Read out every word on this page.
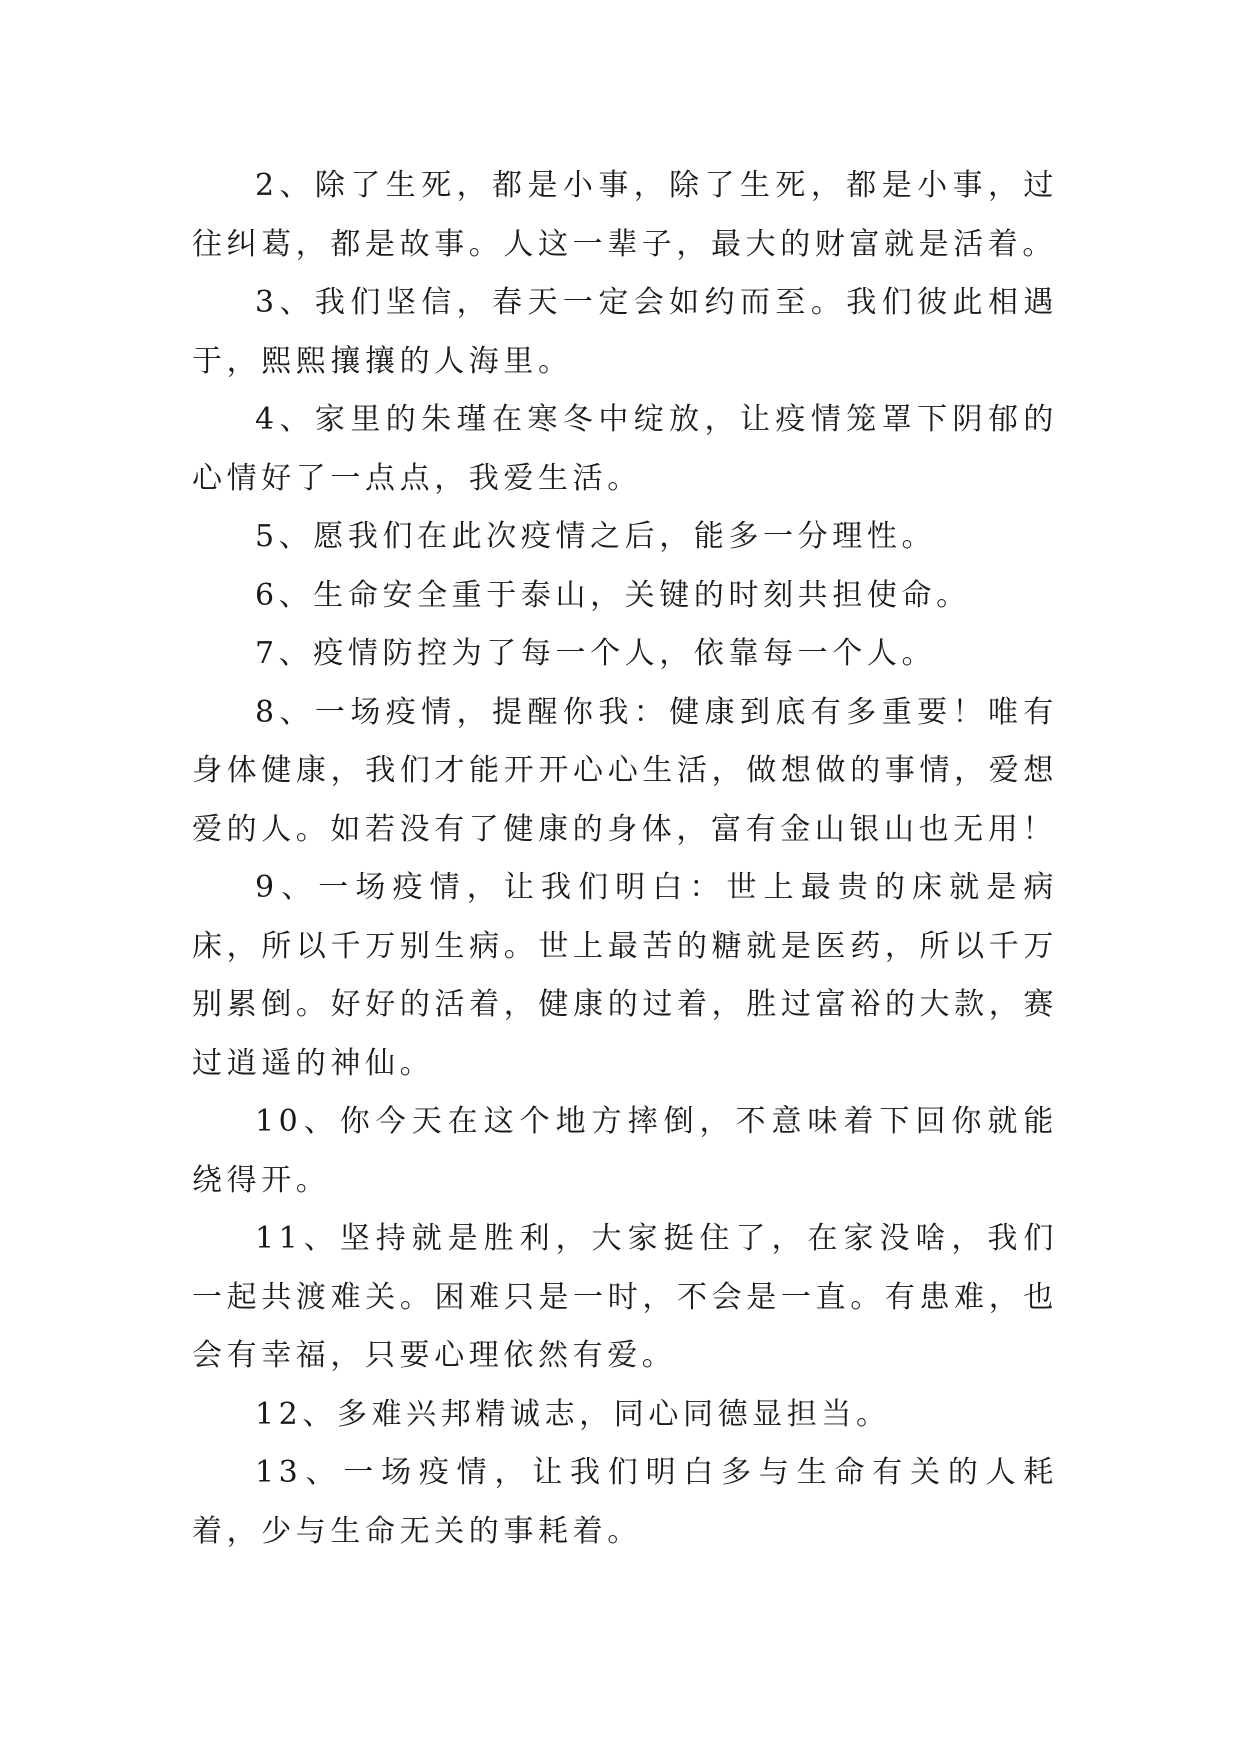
2、除了生死，都是小事，除了生死，都是小事，过往纠葛，都是故事。人这一辈子，最大的财富就是活着。

3、我们坚信，春天一定会如约而至。我们彼此相遇于，熙熙攘攘的人海里。

4、家里的朱瑾在寒冬中绽放，让疫情笼罩下阴郁的心情好了一点点，我爱生活。

5、愿我们在此次疫情之后，能多一分理性。

6、生命安全重于泰山，关键的时刻共担使命。

7、疫情防控为了每一个人，依靠每一个人。

8、一场疫情，提醒你我：健康到底有多重要！唯有身体健康，我们才能开开心心生活，做想做的事情，爱想爱的人。如若没有了健康的身体，富有金山银山也无用！

9、一场疫情，让我们明白：世上最贵的床就是病床，所以千万别生病。世上最苦的糖就是医药，所以千万别累倒。好好的活着，健康的过着，胜过富裕的大款，赛过逍遥的神仙。

10、你今天在这个地方摔倒，不意味着下回你就能绕得开。

11、坚持就是胜利，大家挺住了，在家没啥，我们一起共渡难关。困难只是一时，不会是一直。有患难，也会有幸福，只要心理依然有爱。

12、多难兴邦精诚志，同心同德显担当。

13、一场疫情，让我们明白多与生命有关的人耗着，少与生命无关的事耗着。
